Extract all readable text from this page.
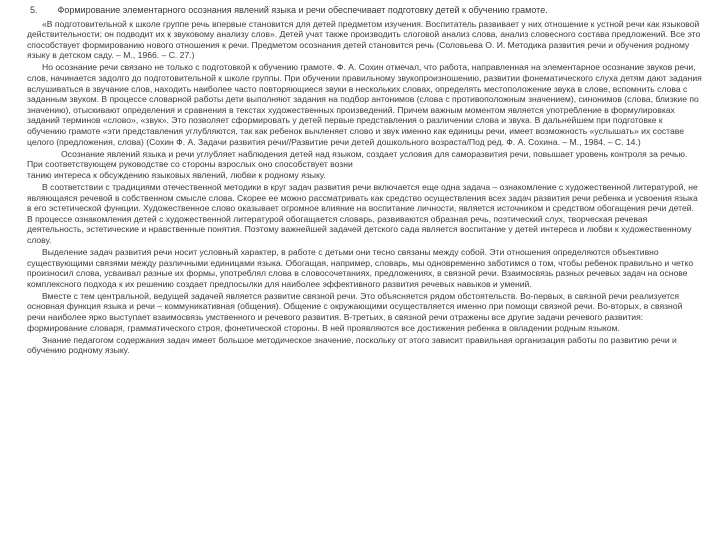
5. Формирование элементарного осознания явлений языка и речи обеспечивает подготовку детей к обучению грамоте.

«В подготовительной к школе группе речь впервые становится для детей предметом изучения. Воспитатель развивает у них отношение к устной речи как языковой действительности; он подводит их к звуковому анализу слов». Детей учат также производить слоговой анализ слова, анализ словесного состава предложений. Все это способствует формированию нового отношения к речи. Предметом осознания детей становится речь (Соловьева О. И. Методика развития речи и обучения родному языку в детском саду. – М., 1966. – С. 27.)

Но осознание речи связано не только с подготовкой к обучению грамоте. Ф. А. Сохин отмечал, что работа, направленная на элементарное осознание звуков речи, слов, начинается задолго до подготовительной к школе группы. При обучении правильному звукопроизношению, развитии фонематического слуха детям дают задания вслушиваться в звучание слов, находить наиболее часто повторяющиеся звуки в нескольких словах, определять местоположение звука в слове, вспомнить слова с заданным звуком. В процессе словарной работы дети выполняют задания на подбор антонимов (слова с противоположным значением), синонимов (слова, близкие по значению), отыскивают определения и сравнения в текстах художественных произведений. Причем важным моментом является употребление в формулировках заданий терминов «слово», «звук». Это позволяет сформировать у детей первые представления о различении слова и звука. В дальнейшем при подготовке к обучению грамоте «эти представления углубляются, так как ребенок вычленяет слово и звук именно как единицы речи, имеет возможность «услышать» их составе целого (предложения, слова) (Сохин Ф. А. Задачи развития речи//Развитие речи детей дошкольного возраста/Под ред. Ф. А. Сохина. – М., 1984. – С. 14.)

Осознание явлений языка и речи углубляет наблюдения детей над языком, создает условия для саморазвития речи, повышает уровень контроля за речью. При соответствующем руководстве со стороны взрослых оно способствует возни

танию интереса к обсуждению языковых явлений, любви к родному языку.

В соответствии с традициями отечественной методики в круг задач развития речи включается еще одна задача – ознакомление с художественной литературой, не являющаяся речевой в собственном смысле слова. Скорее ее можно рассматривать как средство осуществления всех задач развития речи ребенка и усвоения языка в его эстетической функции. Художественное слово оказывает огромное влияние на воспитание личности, является источником и средством обогащения речи детей. В процессе ознакомления детей с художественной литературой обогащается словарь, развиваются образная речь, поэтический слух, творческая речевая деятельность, эстетические и нравственные понятия. Поэтому важнейшей задачей детского сада является воспитание у детей интереса и любви к художественному слову.

Выделение задач развития речи носит условный характер, в работе с детьми они тесно связаны между собой. Эти отношения определяются объективно существующими связями между различными единицами языка. Обогащая, например, словарь, мы одновременно заботимся о том, чтобы ребенок правильно и четко произносил слова, усваивал разные их формы, употреблял слова в словосочетаниях, предложениях, в связной речи. Взаимосвязь разных речевых задач на основе комплексного подхода к их решению создает предпосылки для наиболее эффективного развития речевых навыков и умений.

Вместе с тем центральной, ведущей задачей является развитие связной речи. Это объясняется рядом обстоятельств. Во-первых, в связной речи реализуется основная функция языка и речи – коммуникативная (общения). Общение с окружающими осуществляется именно при помощи связной речи. Во-вторых, в связной речи наиболее ярко выступает взаимосвязь умственного и речевого развития. В-третьих, в связной речи отражены все другие задачи речевого развития: формирование словаря, грамматического строя, фонетической стороны. В ней проявляются все достижения ребенка в овладении родным языком.

Знание педагогом содержания задач имеет большое методическое значение, поскольку от этого зависит правильная организация работы по развитию речи и обучению родному языку.
